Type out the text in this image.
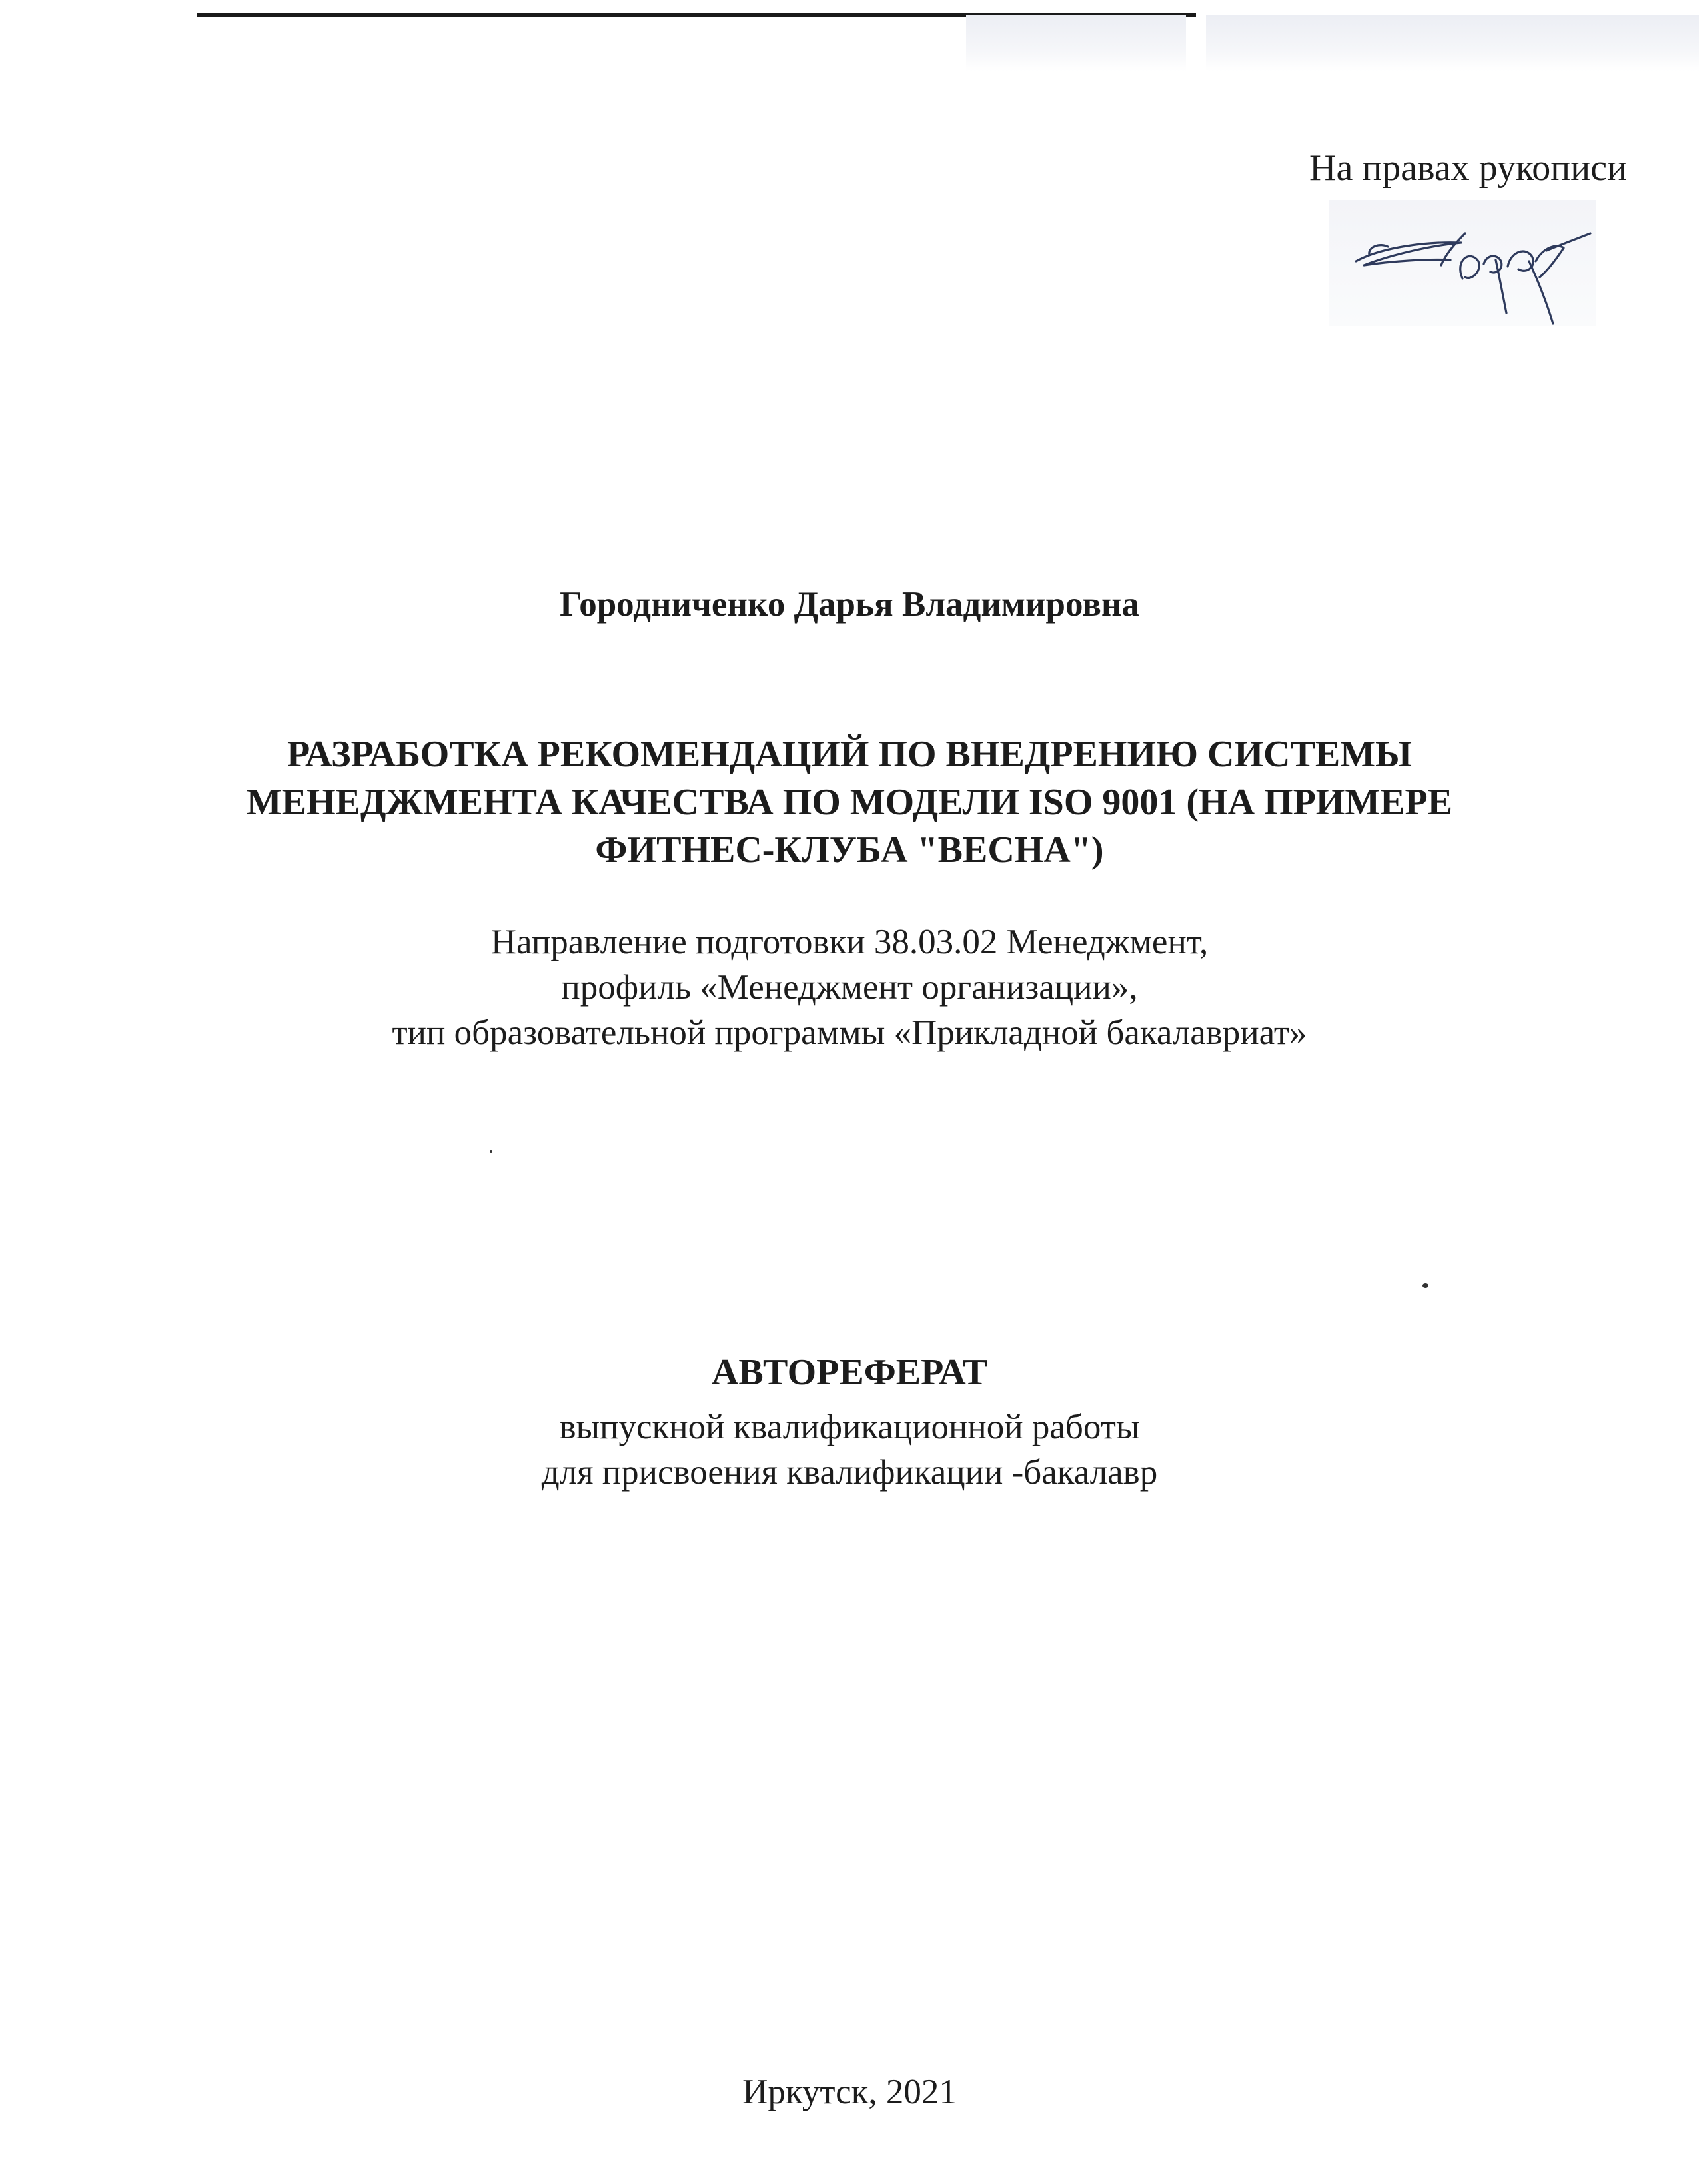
На правах рукописи
Городниченко Дарья Владимировна
РАЗРАБОТКА РЕКОМЕНДАЦИЙ ПО ВНЕДРЕНИЮ СИСТЕМЫ
МЕНЕДЖМЕНТА КАЧЕСТВА ПО МОДЕЛИ ISO 9001 (НА ПРИМЕРЕ
ФИТНЕС-КЛУБА "ВЕСНА")
Направление подготовки 38.03.02 Менеджмент,
профиль «Менеджмент организации»,
тип образовательной программы «Прикладной бакалавриат»
АВТОРЕФЕРАТ
выпускной квалификационной работы
для присвоения квалификации -бакалавр
Иркутск, 2021
